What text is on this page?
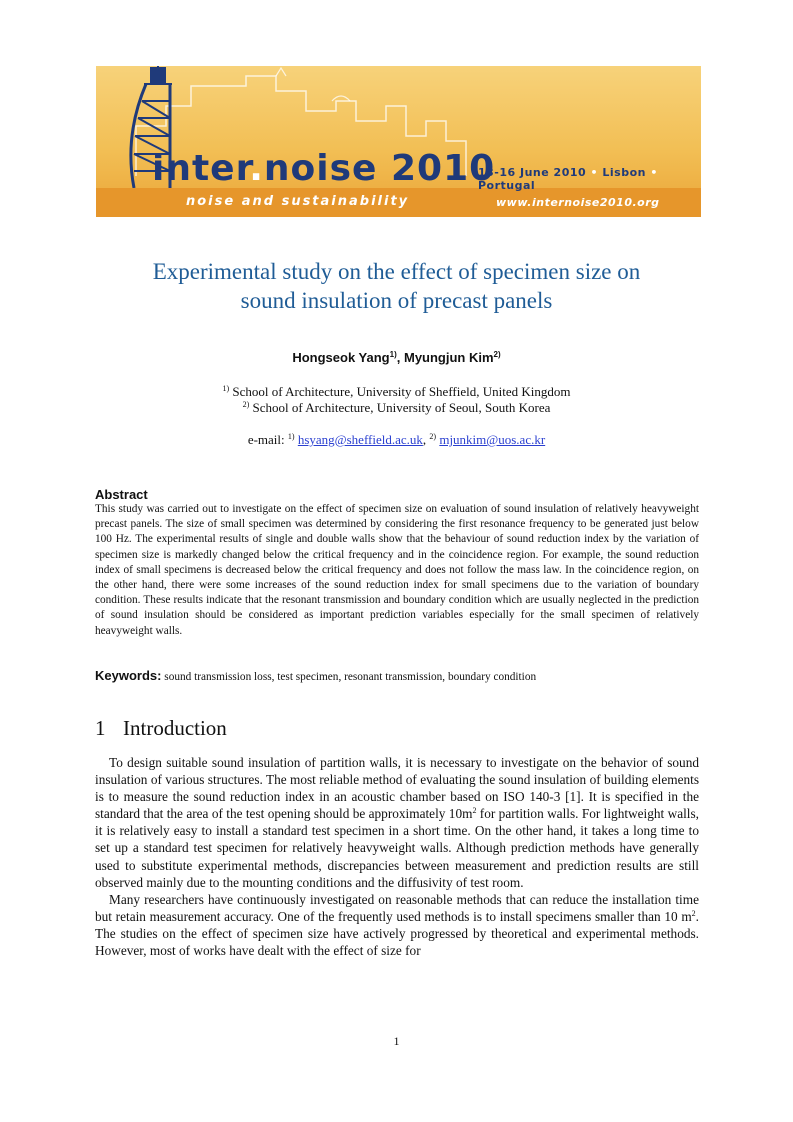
inter.noise 2010
13-16 June 2010 • Lisbon • Portugal
noise and sustainability	www.internoise2010.org
Experimental study on the effect of specimen size on
sound insulation of precast panels
Hongseok Yang$^{1)}$, Myungjun Kim$^{2)}$
$^{1)}$ School of Architecture, University of Sheffield, United Kingdom
$^{2)}$ School of Architecture, University of Seoul, South Korea
e-mail: $^{1)}$ hsyang@sheffield.ac.uk, $^{2)}$ mjunkim@uos.ac.kr
Abstract
This study was carried out to investigate on the effect of specimen size on evaluation of sound insulation of relatively heavyweight precast panels. The size of small specimen was determined by considering the first resonance frequency to be generated just below 100 Hz. The experimental results of single and double walls show that the behaviour of sound reduction index by the variation of specimen size is markedly changed below the critical frequency and in the coincidence region. For example, the sound reduction index of small specimens is decreased below the critical frequency and does not follow the mass law. In the coincidence region, on the other hand, there were some increases of the sound reduction index for small specimens due to the variation of boundary condition. These results indicate that the resonant transmission and boundary condition which are usually neglected in the prediction of sound insulation should be considered as important prediction variables especially for the small specimen of relatively heavyweight walls.
Keywords: sound transmission loss, test specimen, resonant transmission, boundary condition
1 Introduction

To design suitable sound insulation of partition walls, it is necessary to investigate on the behavior of sound insulation of various structures. The most reliable method of evaluating the sound insulation of building elements is to measure the sound reduction index in an acoustic chamber based on ISO 140-3 [1]. It is specified in the standard that the area of the test opening should be approximately $10m^2$ for partition walls. For lightweight walls, it is relatively easy to install a standard test specimen in a short time. On the other hand, it takes a long time to set up a standard test specimen for relatively heavyweight walls. Although prediction methods have generally used to substitute experimental methods, discrepancies between measurement and prediction results are still observed mainly due to the mounting conditions and the diffusivity of test room.

Many researchers have continuously investigated on reasonable methods that can reduce the installation time but retain measurement accuracy. One of the frequently used methods is to install specimens smaller than 10 $m^2$. The studies on the effect of specimen size have actively progressed by theoretical and experimental methods. However, most of works have dealt with the effect of size for

1
